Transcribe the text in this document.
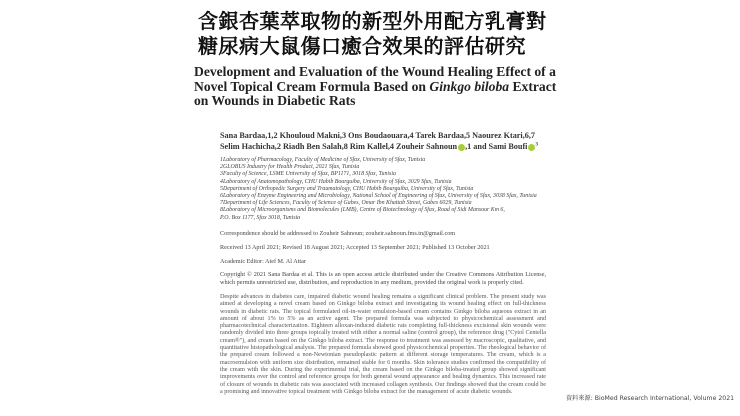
含銀杏葉萃取物的新型外用配方乳膏對
糖尿病大鼠傷口癒合效果的評估研究
Development and Evaluation of the Wound Healing Effect of a Novel Topical Cream Formula Based on Ginkgo biloba Extract on Wounds in Diabetic Rats
Sana Bardaa,1,2 Khouloud Makni,3 Ons Boudaouara,4 Tarek Bardaa,5 Naourez Ktari,6,7
Selim Hachicha,2 Riadh Ben Salah,8 Rim Kallel,4 Zouheir Sahnoun ,1 and Sami Boufi $^3$
1Laboratory of Pharmacology, Faculty of Medicine of Sfax, University of Sfax, Tunisia
2GLOBUS Industry for Health Product, 2021 Sfax, Tunisia
3Faculty of Science, LSME University of Sfax, BP1171, 3018 Sfax, Tunisia
4Laboratory of Anatomopathology, CHU Habib Bourguiba, University of Sfax, 3029 Sfax, Tunisia
5Department of Orthopedic Surgery and Traumatology, CHU Habib Bourguiba, University of Sfax, Tunisia
6Laboratory of Enzyme Engineering and Microbiology, National School of Engineering of Sfax, University of Sfax, 3038 Sfax, Tunisia
7Department of Life Sciences, Faculty of Science of Gabes, Omar Ibn Khattab Street, Gabes 6029, Tunisia
8Laboratory of Microorganisms and Biomolecules (LMB), Centre of Biotechnology of Sfax, Road of Sidi Mansour Km 6,
P.O. Box 1177, Sfax 3018, Tunisia
Correspondence should be addressed to Zouheir Sahnoun; zouheir.sahnoun.fms.tn@gmail.com
Received 13 April 2021; Revised 18 August 2021; Accepted 13 September 2021; Published 13 October 2021
Academic Editor: Atef M. Al Attar
Copyright © 2021 Sana Bardaa et al. This is an open access article distributed under the Creative Commons Attribution License, which permits unrestricted use, distribution, and reproduction in any medium, provided the original work is properly cited.
Despite advances in diabetes care, impaired diabetic wound healing remains a significant clinical problem. The present study was aimed at developing a novel cream based on Ginkgo biloba extract and investigating its wound healing effect on full-thickness wounds in diabetic rats. The topical formulated oil-in-water emulsion-based cream contains Ginkgo biloba aqueous extract in an amount of about 1% to 5% as an active agent. The prepared formula was subjected to physicochemical assessment and pharmacotechnical characterization. Eighteen alloxan-induced diabetic rats completing full-thickness excisional skin wounds were randomly divided into three groups topically treated with either a normal saline (control group), the reference drug ("Cytol Centella cream®"), and cream based on the Ginkgo biloba extract. The response to treatment was assessed by macroscopic, qualitative, and quantitative histopathological analysis. The prepared formula showed good physicochemical properties. The rheological behavior of the prepared cream followed a non-Newtonian pseudoplastic pattern at different storage temperatures. The cream, which is a macroemulsion with uniform size distribution, remained stable for 6 months. Skin tolerance studies confirmed the compatibility of the cream with the skin. During the experimental trial, the cream based on the Ginkgo biloba-treated group showed significant improvements over the control and reference groups for both general wound appearance and healing dynamics. This increased rate of closure of wounds in diabetic rats was associated with increased collagen synthesis. Our findings showed that the cream could be a promising and innovative topical treatment with Ginkgo biloba extract for the management of acute diabetic wounds.
資料來源: BioMed Research International, Volume 2021
